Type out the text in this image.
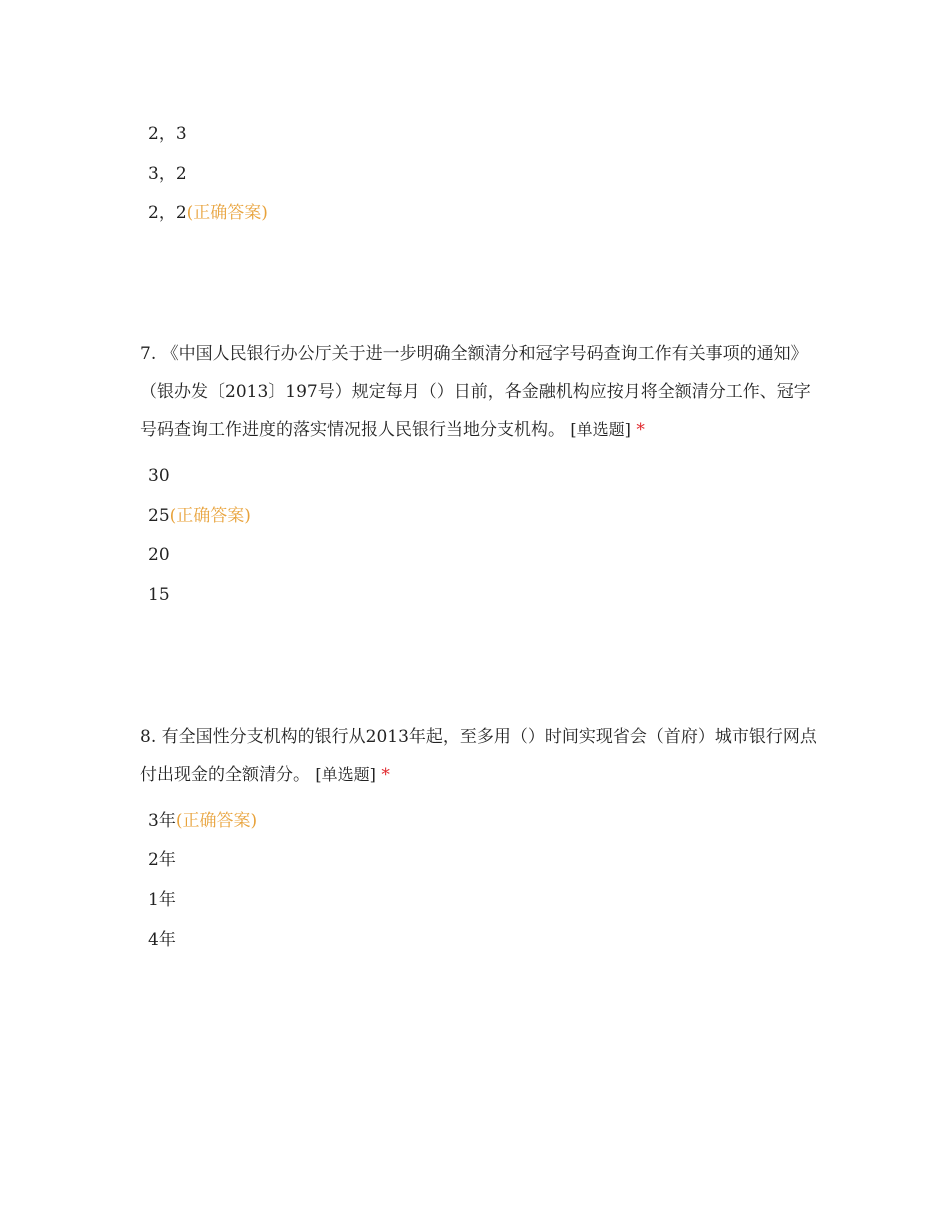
2，3
3，2
2，2(正确答案)
7. 《中国人民银行办公厅关于进一步明确全额清分和冠字号码查询工作有关事项的通知》（银办发〔2013〕197号）规定每月（）日前，各金融机构应按月将全额清分工作、冠字号码查询工作进度的落实情况报人民银行当地分支机构。 [单选题] *
30
25(正确答案)
20
15
8. 有全国性分支机构的银行从2013年起，至多用（）时间实现省会（首府）城市银行网点付出现金的全额清分。 [单选题] *
3年(正确答案)
2年
1年
4年
